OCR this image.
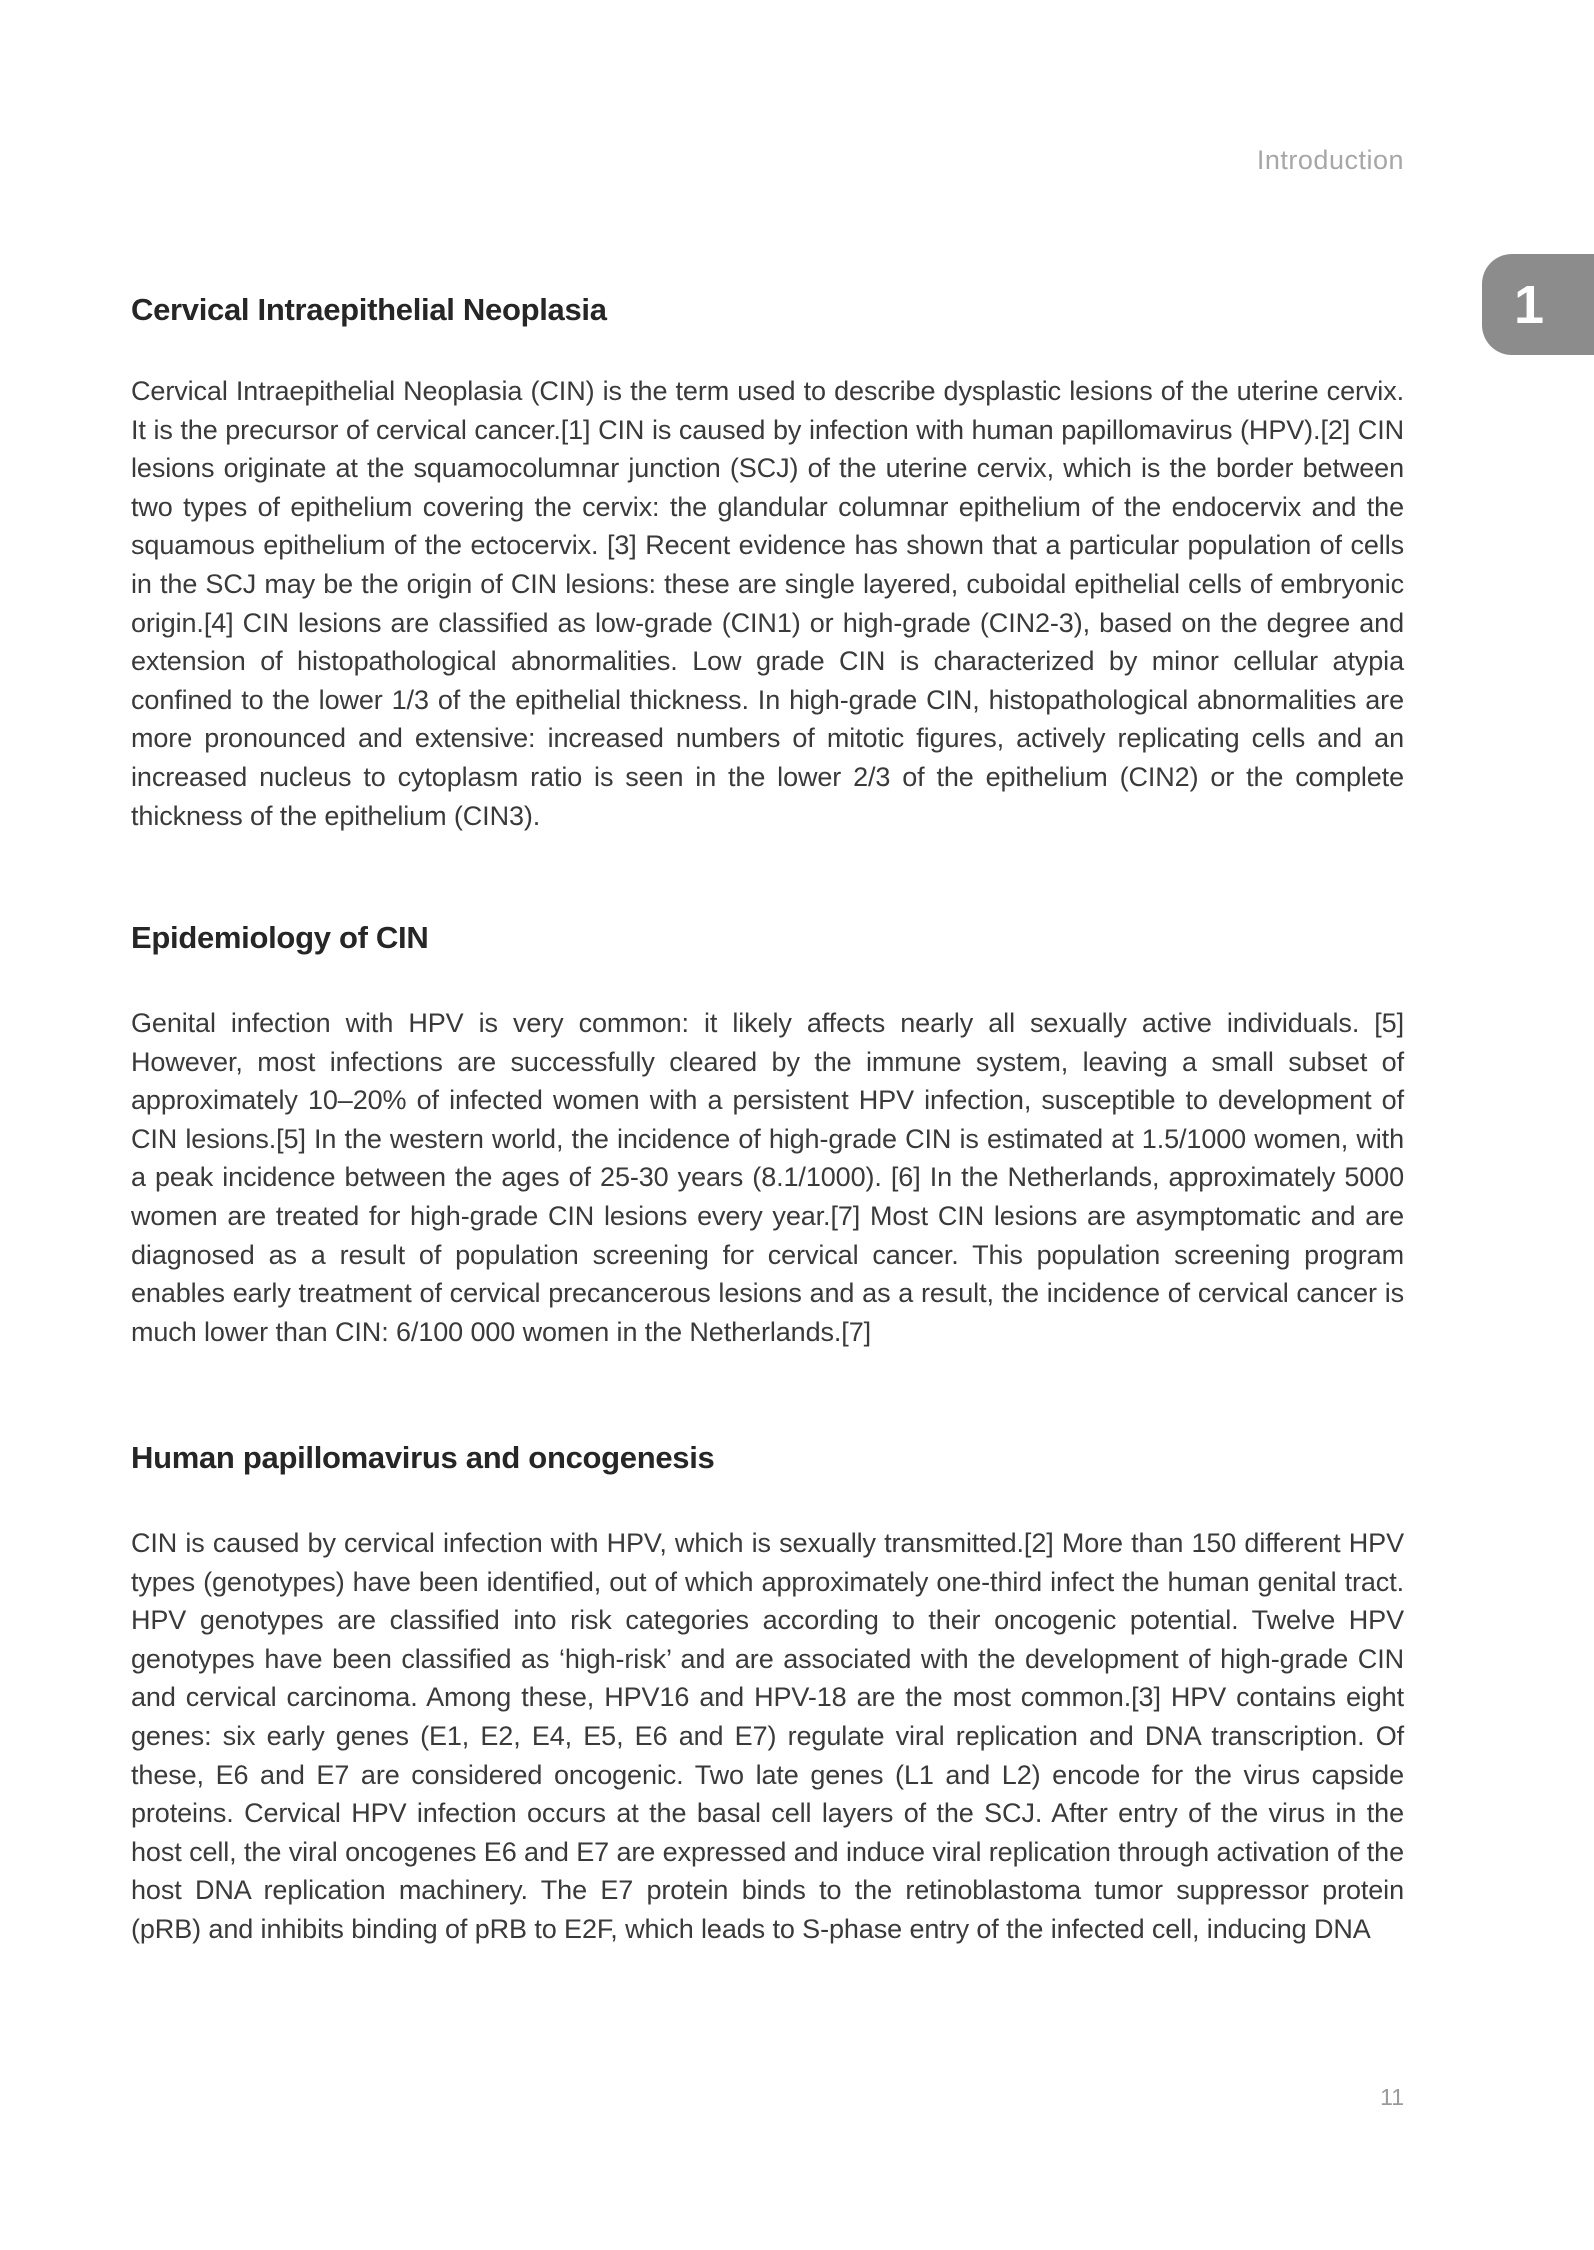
Introduction
1
Cervical Intraepithelial Neoplasia

Cervical Intraepithelial Neoplasia (CIN) is the term used to describe dysplastic lesions of the uterine cervix. It is the precursor of cervical cancer.[1] CIN is caused by infection with human papillomavirus (HPV).[2] CIN lesions originate at the squamocolumnar junction (SCJ) of the uterine cervix, which is the border between two types of epithelium covering the cervix: the glandular columnar epithelium of the endocervix and the squamous epithelium of the ectocervix. [3] Recent evidence has shown that a particular population of cells in the SCJ may be the origin of CIN lesions: these are single layered, cuboidal epithelial cells of embryonic origin.[4] CIN lesions are classified as low-grade (CIN1) or high-grade (CIN2-3), based on the degree and extension of histopathological abnormalities. Low grade CIN is characterized by minor cellular atypia confined to the lower 1/3 of the epithelial thickness. In high-grade CIN, histopathological abnormalities are more pronounced and extensive: increased numbers of mitotic figures, actively replicating cells and an increased nucleus to cytoplasm ratio is seen in the lower 2/3 of the epithelium (CIN2) or the complete thickness of the epithelium (CIN3).

Epidemiology of CIN

Genital infection with HPV is very common: it likely affects nearly all sexually active individuals. [5] However, most infections are successfully cleared by the immune system, leaving a small subset of approximately 10–20% of infected women with a persistent HPV infection, susceptible to development of CIN lesions.[5] In the western world, the incidence of high-grade CIN is estimated at 1.5/1000 women, with a peak incidence between the ages of 25-30 years (8.1/1000). [6] In the Netherlands, approximately 5000 women are treated for high-grade CIN lesions every year.[7] Most CIN lesions are asymptomatic and are diagnosed as a result of population screening for cervical cancer. This population screening program enables early treatment of cervical precancerous lesions and as a result, the incidence of cervical cancer is much lower than CIN: 6/100 000 women in the Netherlands.[7]

Human papillomavirus and oncogenesis

CIN is caused by cervical infection with HPV, which is sexually transmitted.[2] More than 150 different HPV types (genotypes) have been identified, out of which approximately one-third infect the human genital tract. HPV genotypes are classified into risk categories according to their oncogenic potential. Twelve HPV genotypes have been classified as ‘high-risk’ and are associated with the development of high-grade CIN and cervical carcinoma. Among these, HPV16 and HPV-18 are the most common.[3] HPV contains eight genes: six early genes (E1, E2, E4, E5, E6 and E7) regulate viral replication and DNA transcription. Of these, E6 and E7 are considered oncogenic. Two late genes (L1 and L2) encode for the virus capside proteins. Cervical HPV infection occurs at the basal cell layers of the SCJ. After entry of the virus in the host cell, the viral oncogenes E6 and E7 are expressed and induce viral replication through activation of the host DNA replication machinery. The E7 protein binds to the retinoblastoma tumor suppressor protein (pRB) and inhibits binding of pRB to E2F, which leads to S-phase entry of the infected cell, inducing DNA

11
